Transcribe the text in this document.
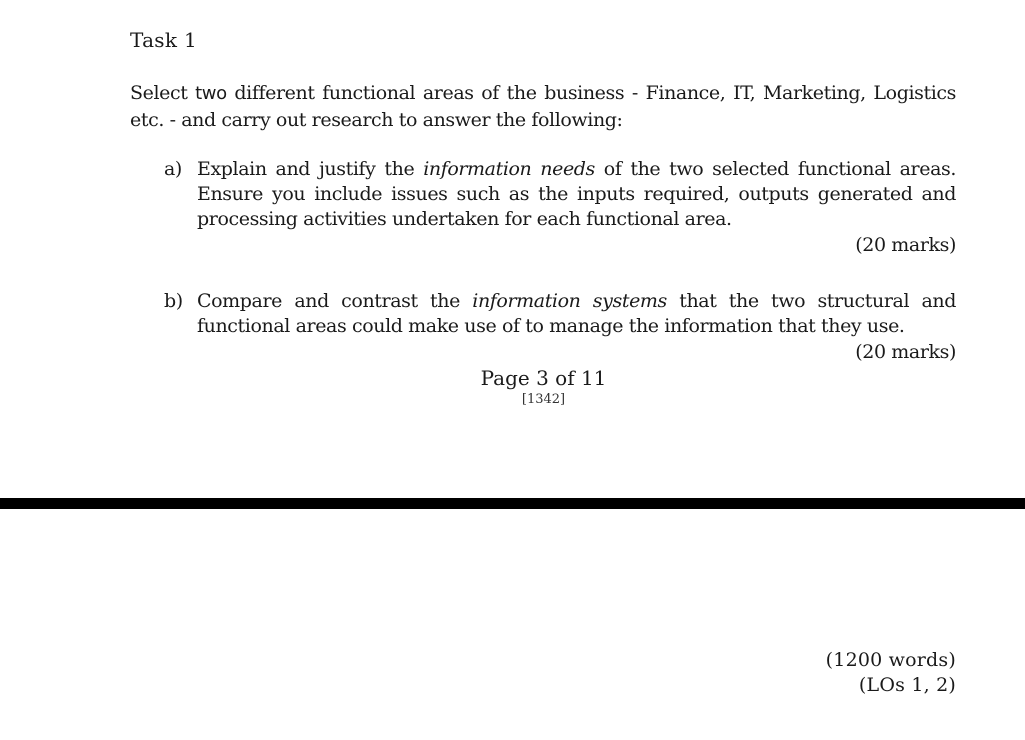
Task 1
Select two different functional areas of the business - Finance, IT, Marketing, Logistics etc. - and carry out research to answer the following:
a) Explain and justify the information needs of the two selected functional areas. Ensure you include issues such as the inputs required, outputs generated and processing activities undertaken for each functional area.
(20 marks)
b) Compare and contrast the information systems that the two structural and functional areas could make use of to manage the information that they use.
(20 marks)
Page 3 of 11
[1342]
(1200 words)
(LOs 1, 2)
